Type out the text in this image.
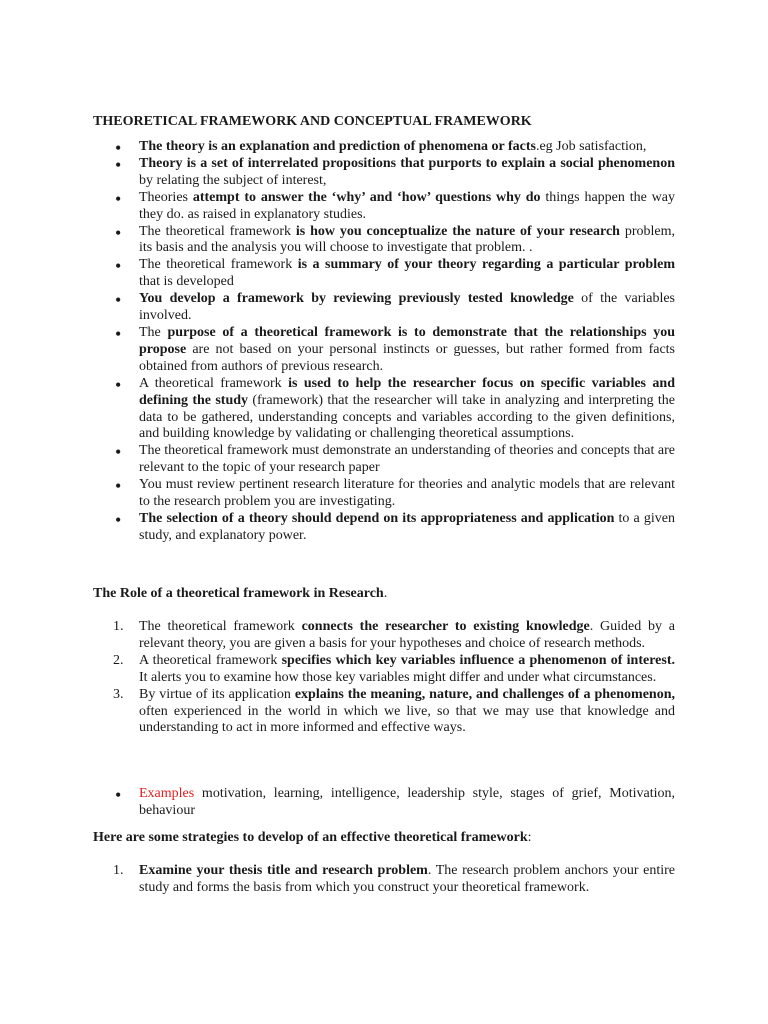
THEORETICAL FRAMEWORK AND CONCEPTUAL FRAMEWORK
• The theory is an explanation and prediction of phenomena or facts.eg Job satisfaction,
• Theory is a set of interrelated propositions that purports to explain a social phenomenon by relating the subject of interest,
• Theories attempt to answer the ‘why’ and ‘how’ questions why do things happen the way they do. as raised in explanatory studies.
• The theoretical framework is how you conceptualize the nature of your research problem, its basis and the analysis you will choose to investigate that problem. .
• The theoretical framework is a summary of your theory regarding a particular problem that is developed
• You develop a framework by reviewing previously tested knowledge of the variables involved.
• The purpose of a theoretical framework is to demonstrate that the relationships you propose are not based on your personal instincts or guesses, but rather formed from facts obtained from authors of previous research.
• A theoretical framework is used to help the researcher focus on specific variables and defining the study (framework) that the researcher will take in analyzing and interpreting the data to be gathered, understanding concepts and variables according to the given definitions, and building knowledge by validating or challenging theoretical assumptions.
• The theoretical framework must demonstrate an understanding of theories and concepts that are relevant to the topic of your research paper
• You must review pertinent research literature for theories and analytic models that are relevant to the research problem you are investigating.
• The selection of a theory should depend on its appropriateness and application to a given study, and explanatory power.

The Role of a theoretical framework in Research.

1. The theoretical framework connects the researcher to existing knowledge. Guided by a relevant theory, you are given a basis for your hypotheses and choice of research methods.
2. A theoretical framework specifies which key variables influence a phenomenon of interest. It alerts you to examine how those key variables might differ and under what circumstances.
3. By virtue of its application explains the meaning, nature, and challenges of a phenomenon, often experienced in the world in which we live, so that we may use that knowledge and understanding to act in more informed and effective ways.
• Examples motivation, learning, intelligence, leadership style, stages of grief, Motivation, behaviour

Here are some strategies to develop of an effective theoretical framework:

1. Examine your thesis title and research problem. The research problem anchors your entire study and forms the basis from which you construct your theoretical framework.
